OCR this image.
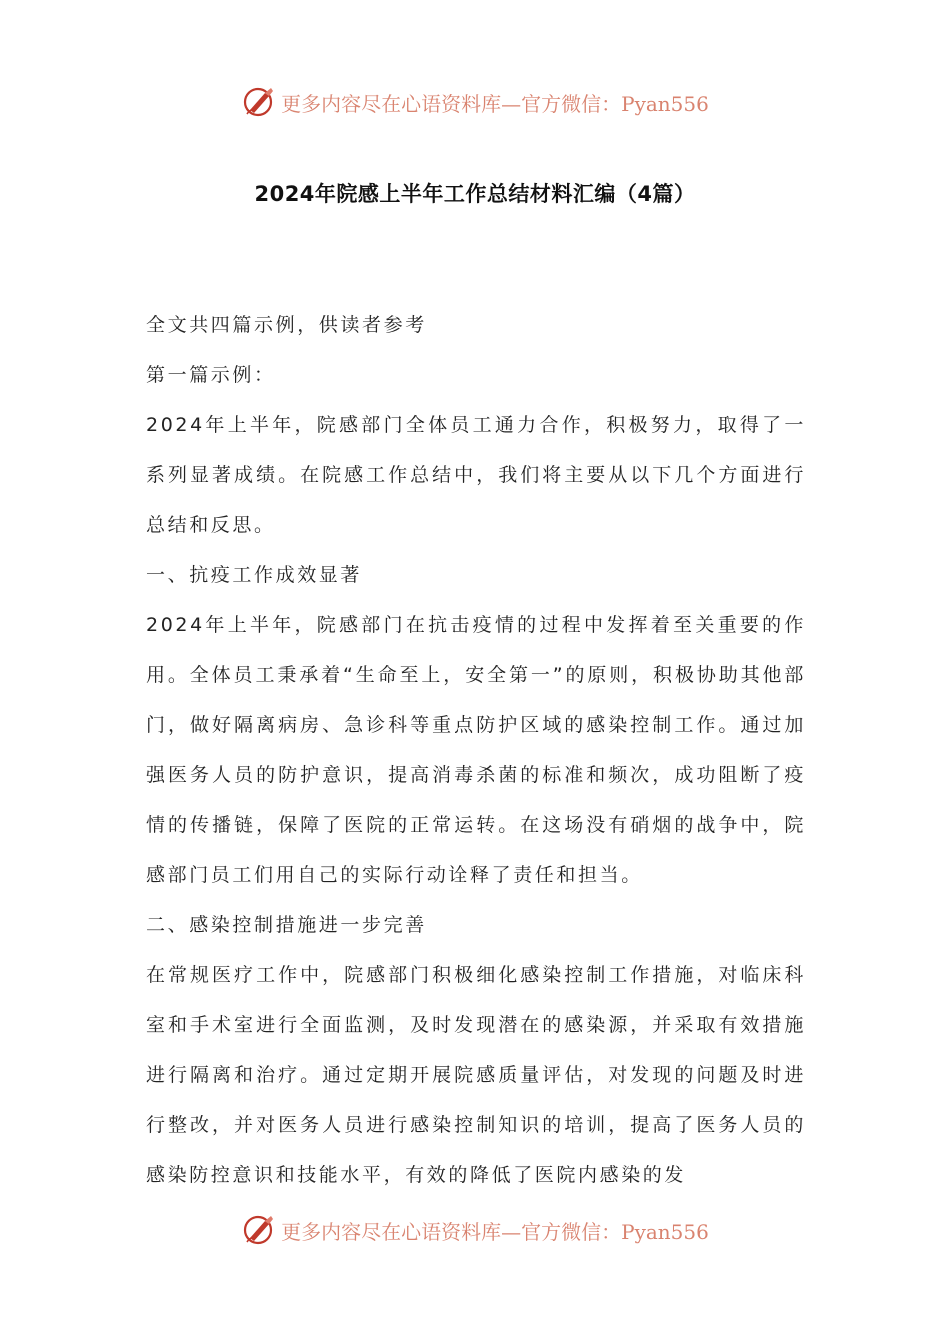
更多内容尽在心语资料库—官方微信：Pyan556
2024年院感上半年工作总结材料汇编（4篇）

全文共四篇示例，供读者参考

第一篇示例：

2024年上半年，院感部门全体员工通力合作，积极努力，取得了一系列显著成绩。在院感工作总结中，我们将主要从以下几个方面进行总结和反思。

一、抗疫工作成效显著

2024年上半年，院感部门在抗击疫情的过程中发挥着至关重要的作用。全体员工秉承着“生命至上，安全第一”的原则，积极协助其他部门，做好隔离病房、急诊科等重点防护区域的感染控制工作。通过加强医务人员的防护意识，提高消毒杀菌的标准和频次，成功阻断了疫情的传播链，保障了医院的正常运转。在这场没有硝烟的战争中，院感部门员工们用自己的实际行动诠释了责任和担当。

二、感染控制措施进一步完善

在常规医疗工作中，院感部门积极细化感染控制工作措施，对临床科室和手术室进行全面监测，及时发现潜在的感染源，并采取有效措施进行隔离和治疗。通过定期开展院感质量评估，对发现的问题及时进行整改，并对医务人员进行感染控制知识的培训，提高了医务人员的感染防控意识和技能水平，有效的降低了医院内感染的发

更多内容尽在心语资料库—官方微信：Pyan556
